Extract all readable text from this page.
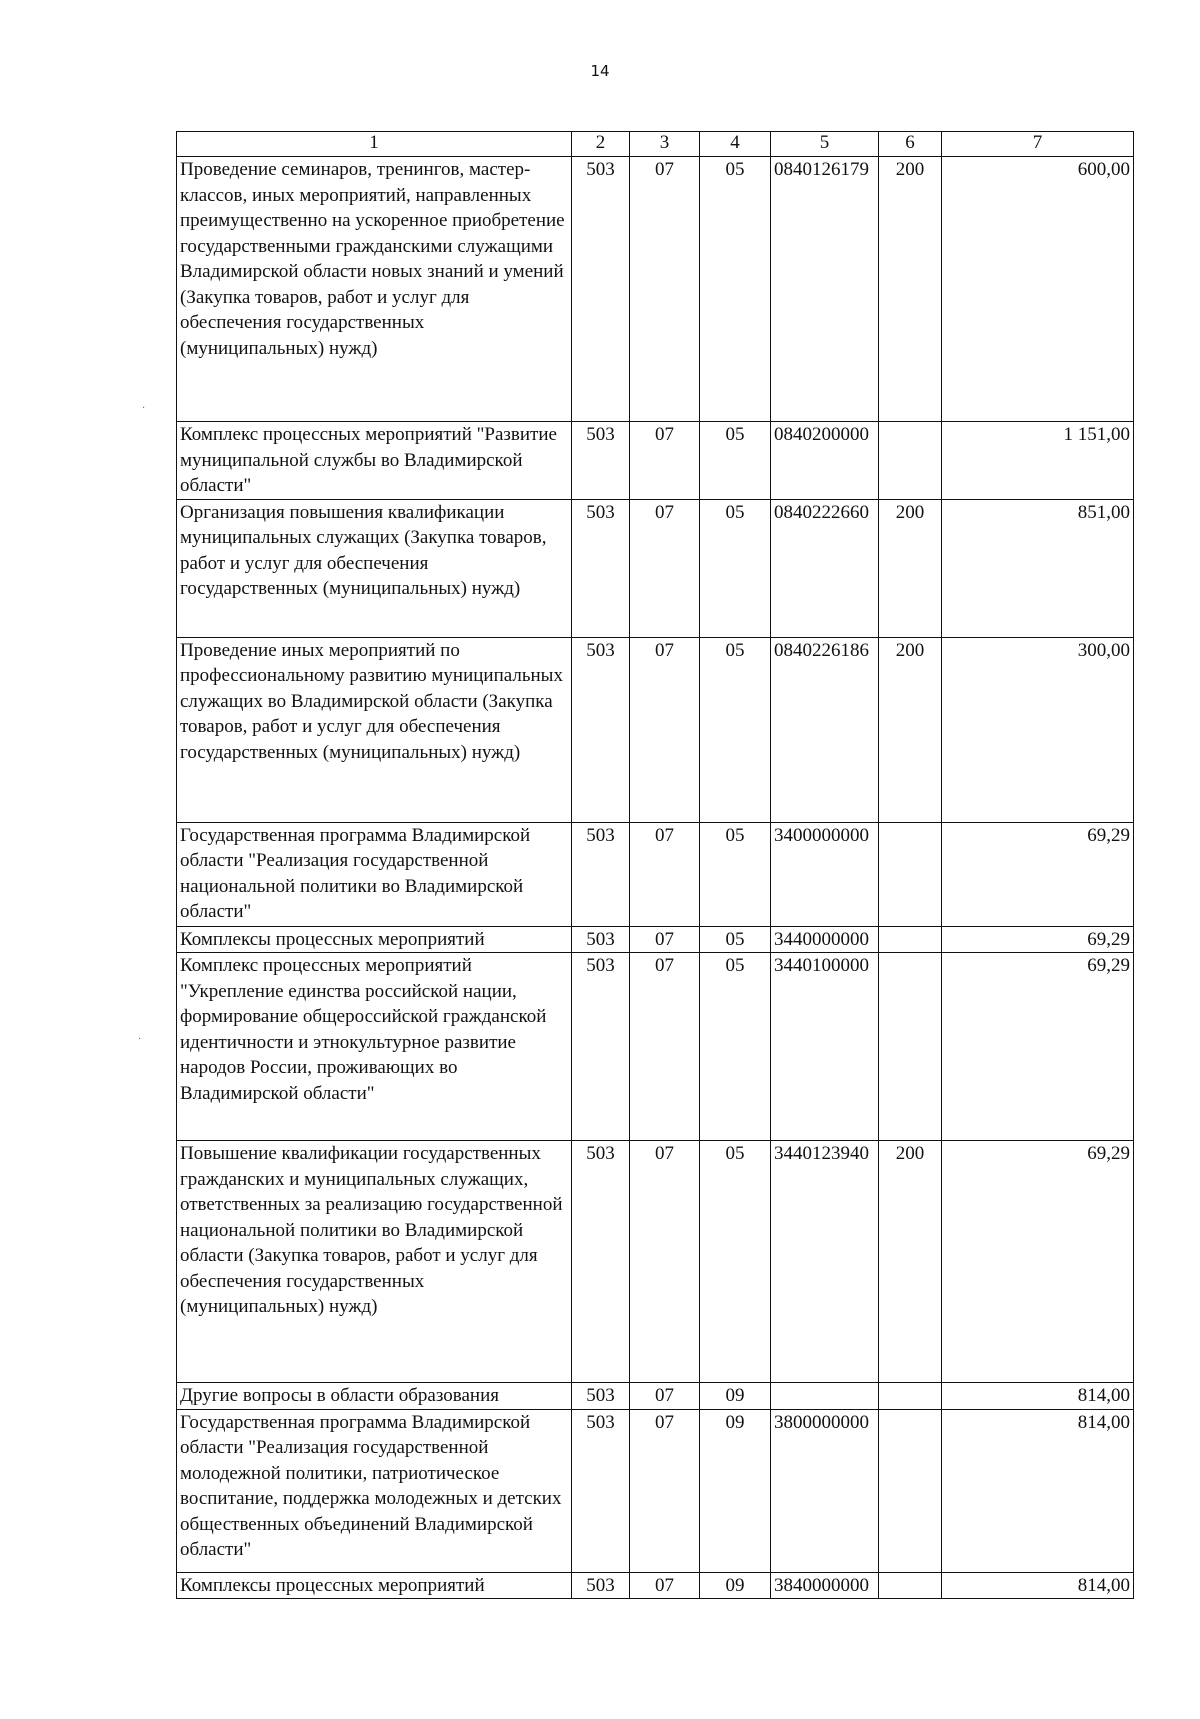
14
1	2	3	4	5	6	7
Проведение семинаров, тренингов, мастер-классов, иных мероприятий, направленных преимущественно на ускоренное приобретение государственными гражданскими служащими Владимирской области новых знаний и умений (Закупка товаров, работ и услуг для обеспечения государственных (муниципальных) нужд)	503	07	05	0840126179	200	600,00
Комплекс процессных мероприятий "Развитие муниципальной службы во Владимирской области"	503	07	05	0840200000		1 151,00
Организация повышения квалификации муниципальных служащих (Закупка товаров, работ и услуг для обеспечения государственных (муниципальных) нужд)	503	07	05	0840222660	200	851,00
Проведение иных мероприятий по профессиональному развитию муниципальных служащих во Владимирской области (Закупка товаров, работ и услуг для обеспечения государственных (муниципальных) нужд)	503	07	05	0840226186	200	300,00
Государственная программа Владимирской области "Реализация государственной национальной политики во Владимирской области"	503	07	05	3400000000		69,29
Комплексы процессных мероприятий	503	07	05	3440000000		69,29
Комплекс процессных мероприятий "Укрепление единства российской нации, формирование общероссийской гражданской идентичности и этнокультурное развитие народов России, проживающих во Владимирской области"	503	07	05	3440100000		69,29
Повышение квалификации государственных гражданских и муниципальных служащих, ответственных за реализацию государственной национальной политики во Владимирской области (Закупка товаров, работ и услуг для обеспечения государственных (муниципальных) нужд)	503	07	05	3440123940	200	69,29
Другие вопросы в области образования	503	07	09			814,00
Государственная программа Владимирской области "Реализация государственной молодежной политики, патриотическое воспитание, поддержка молодежных и детских общественных объединений Владимирской области"	503	07	09	3800000000		814,00
Комплексы процессных мероприятий	503	07	09	3840000000		814,00
·
·
